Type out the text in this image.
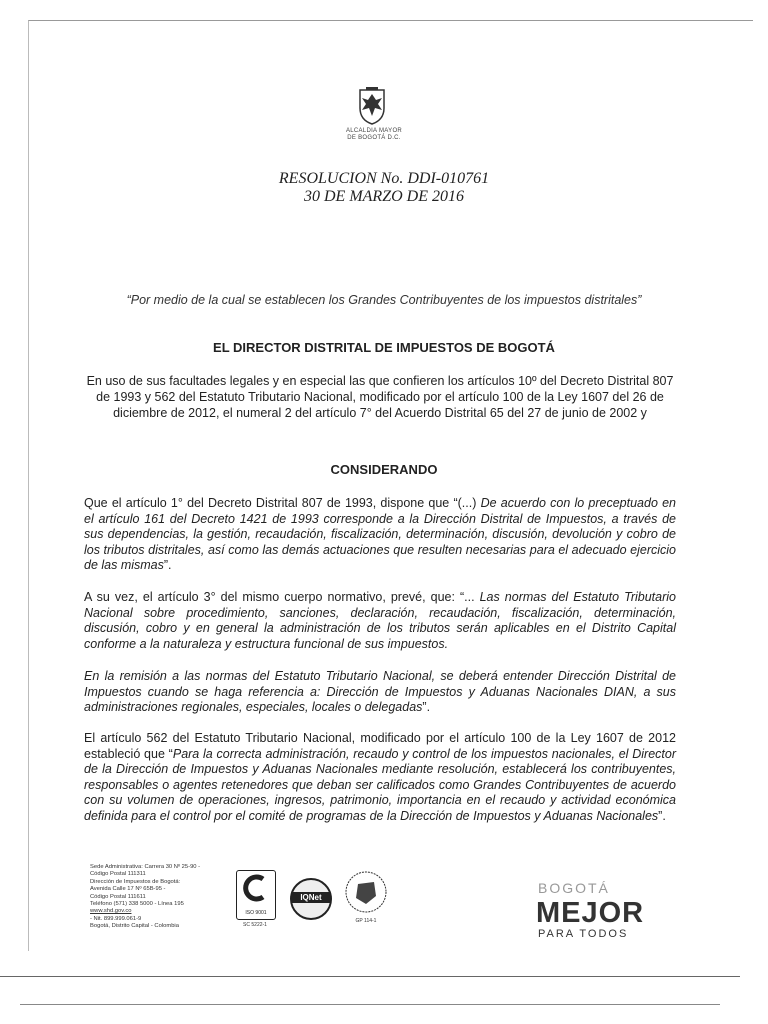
ALCALDIA MAYOR
DE BOGOTÁ D.C.
RESOLUCION No. DDI-010761
30 DE MARZO DE 2016
“Por medio de la cual se establecen los Grandes Contribuyentes de los impuestos distritales”
EL DIRECTOR DISTRITAL DE IMPUESTOS DE BOGOTÁ
En uso de sus facultades legales y en especial las que confieren los artículos 10º del Decreto Distrital 807 de 1993 y 562 del Estatuto Tributario Nacional, modificado por el artículo 100 de la Ley 1607 del 26 de diciembre de 2012, el numeral 2 del artículo 7° del Acuerdo Distrital 65 del 27 de junio de 2002 y
CONSIDERANDO
Que el artículo 1° del Decreto Distrital 807 de 1993, dispone que “(...) De acuerdo con lo preceptuado en el artículo 161 del Decreto 1421 de 1993 corresponde a la Dirección Distrital de Impuestos, a través de sus dependencias, la gestión, recaudación, fiscalización, determinación, discusión, devolución y cobro de los tributos distritales, así como las demás actuaciones que resulten necesarias para el adecuado ejercicio de las mismas”.
A su vez, el artículo 3° del mismo cuerpo normativo, prevé, que: “... Las normas del Estatuto Tributario Nacional sobre procedimiento, sanciones, declaración, recaudación, fiscalización, determinación, discusión, cobro y en general la administración de los tributos serán aplicables en el Distrito Capital conforme a la naturaleza y estructura funcional de sus impuestos.
En la remisión a las normas del Estatuto Tributario Nacional, se deberá entender Dirección Distrital de Impuestos cuando se haga referencia a: Dirección de Impuestos y Aduanas Nacionales DIAN, a sus administraciones regionales, especiales, locales o delegadas”.
El artículo 562 del Estatuto Tributario Nacional, modificado por el artículo 100 de la Ley 1607 de 2012 estableció que “Para la correcta administración, recaudo y control de los impuestos nacionales, el Director de la Dirección de Impuestos y Aduanas Nacionales mediante resolución, establecerá los contribuyentes, responsables o agentes retenedores que deban ser calificados como Grandes Contribuyentes de acuerdo con su volumen de operaciones, ingresos, patrimonio, importancia en el recaudo y actividad económica definida para el control por el comité de programas de la Dirección de Impuestos y Aduanas Nacionales”.
Sede Administrativa: Carrera 30 Nº 25-90 -
Código Postal 111311
Dirección de Impuestos de Bogotá:
Avenida Calle 17 Nº 65B-95 -
Código Postal 111611
Teléfono (571) 338 5000 - Línea 195
www.shd.gov.co
- Nit. 899.999.061-9
Bogotá, Distrito Capital - Colombia
ISO 9001
SC 5222-1
IQNet
GP 114-1
BOGOTÁ
MEJOR
PARA TODOS
